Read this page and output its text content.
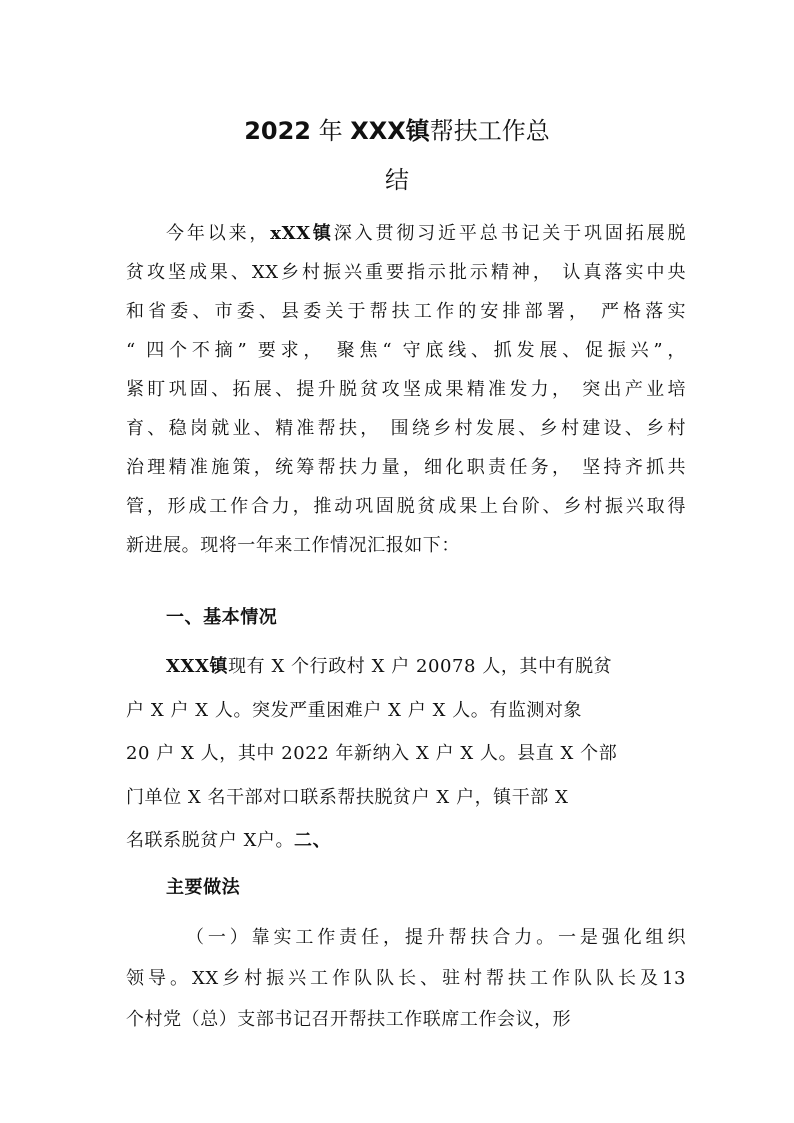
2022 年 XXX镇帮扶工作总
结
今年以来，xXX镇深入贯彻习近平总书记关于巩固拓展脱
贫攻坚成果、XX乡村振兴重要指示批示精神， 认真落实中央
和省委、市委、县委关于帮扶工作的安排部署， 严格落实
“ 四个不摘” 要求， 聚焦“ 守底线、抓发展、促振兴”，
紧盯巩固、拓展、提升脱贫攻坚成果精准发力， 突出产业培
育、稳岗就业、精准帮扶， 围绕乡村发展、乡村建设、乡村
治理精准施策，统筹帮扶力量，细化职责任务， 坚持齐抓共
管，形成工作合力，推动巩固脱贫成果上台阶、乡村振兴取得
新进展。现将一年来工作情况汇报如下：
一、基本情况
XXX镇现有 X 个行政村 X 户 20078 人，其中有脱贫
户 X 户 X 人。突发严重困难户 X 户 X 人。有监测对象
20 户 X 人，其中 2022 年新纳入 X 户 X 人。县直 X 个部
门单位 X 名干部对口联系帮扶脱贫户 X 户，镇干部 X
名联系脱贫户 X户。二、
主要做法
（一）靠实工作责任，提升帮扶合力。一是强化组织
领导。XX乡村振兴工作队队长、驻村帮扶工作队队长及13
个村党（总）支部书记召开帮扶工作联席工作会议，形
